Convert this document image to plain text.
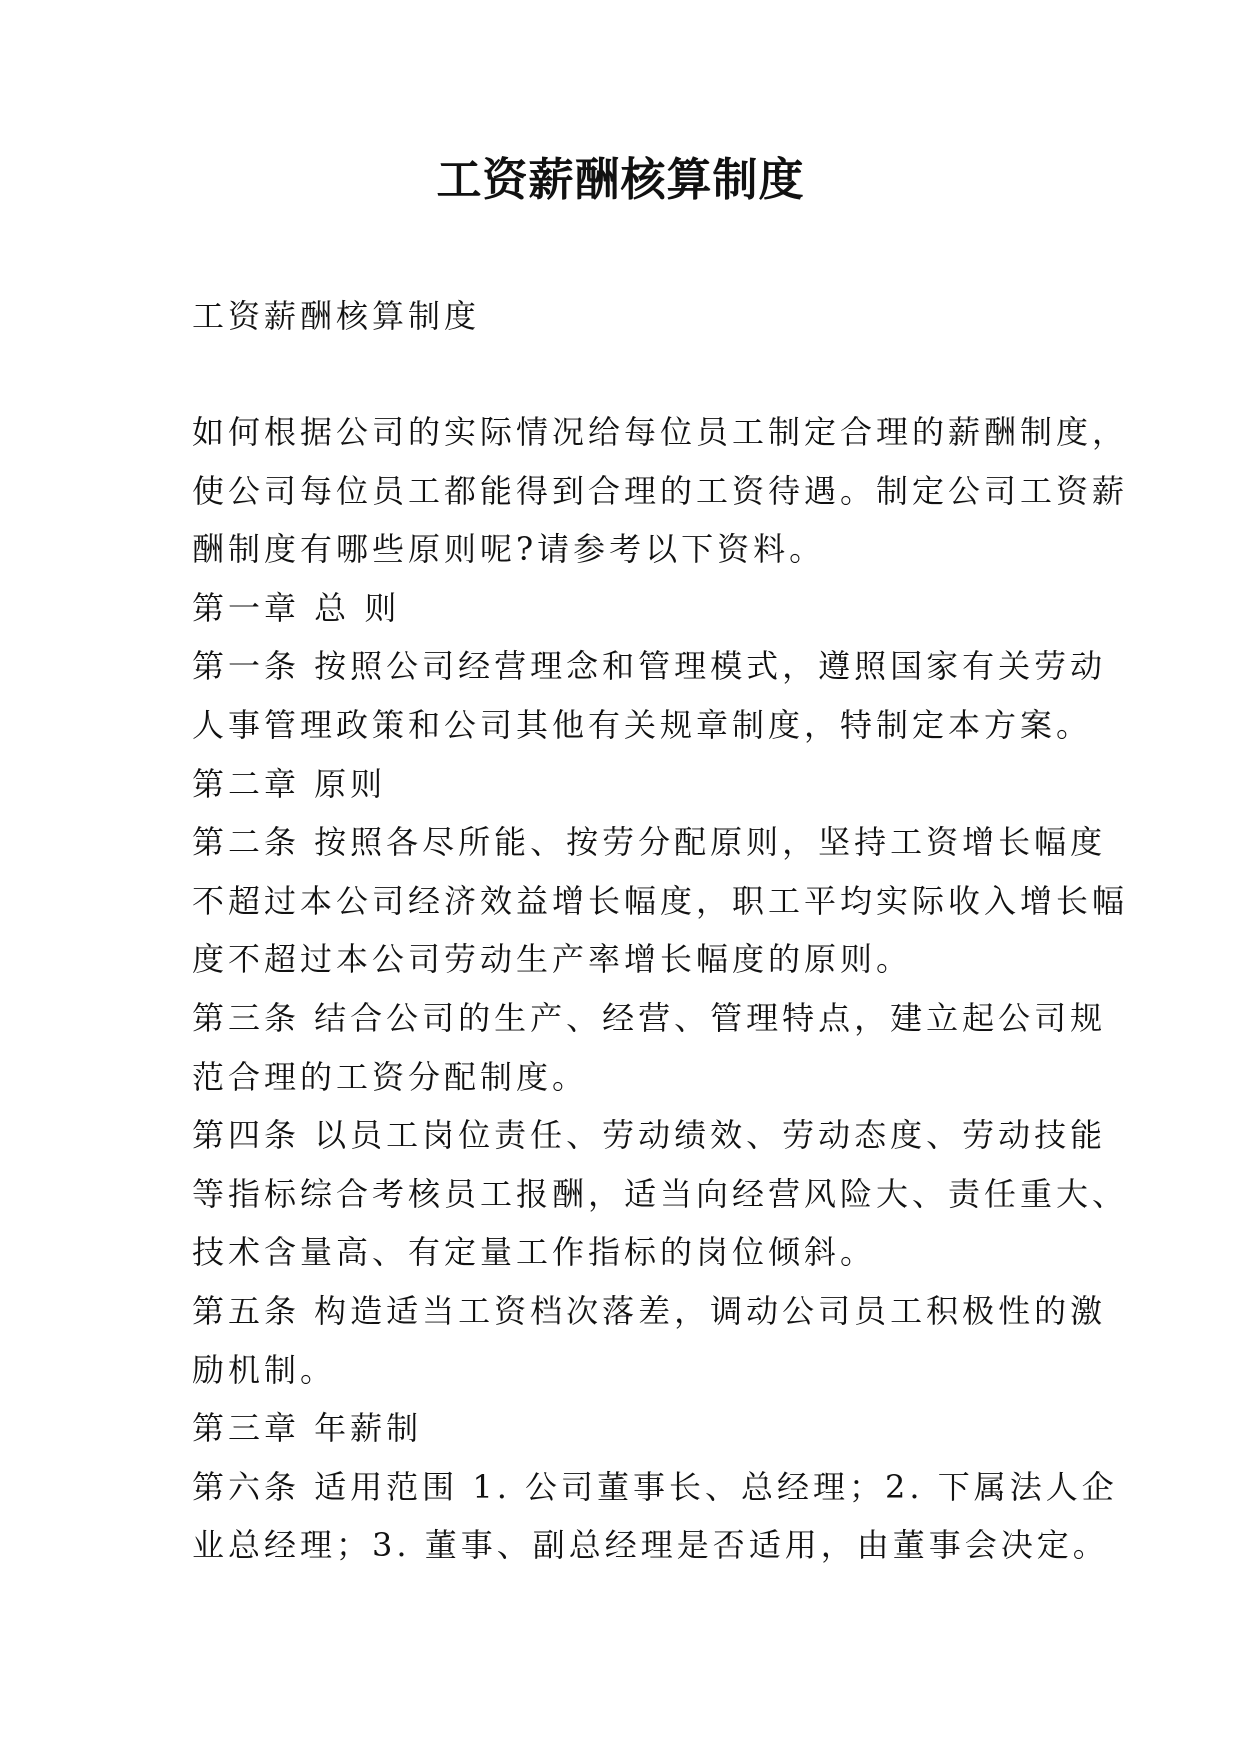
工资薪酬核算制度

工资薪酬核算制度

如何根据公司的实际情况给每位员工制定合理的薪酬制度，
使公司每位员工都能得到合理的工资待遇。制定公司工资薪
酬制度有哪些原则呢?请参考以下资料。
第一章 总 则
第一条 按照公司经营理念和管理模式，遵照国家有关劳动
人事管理政策和公司其他有关规章制度，特制定本方案。
第二章 原则
第二条 按照各尽所能、按劳分配原则，坚持工资增长幅度
不超过本公司经济效益增长幅度，职工平均实际收入增长幅
度不超过本公司劳动生产率增长幅度的原则。
第三条 结合公司的生产、经营、管理特点，建立起公司规
范合理的工资分配制度。
第四条 以员工岗位责任、劳动绩效、劳动态度、劳动技能
等指标综合考核员工报酬，适当向经营风险大、责任重大、
技术含量高、有定量工作指标的岗位倾斜。
第五条 构造适当工资档次落差，调动公司员工积极性的激
励机制。
第三章 年薪制
第六条 适用范围 1. 公司董事长、总经理；2. 下属法人企
业总经理；3. 董事、副总经理是否适用，由董事会决定。
